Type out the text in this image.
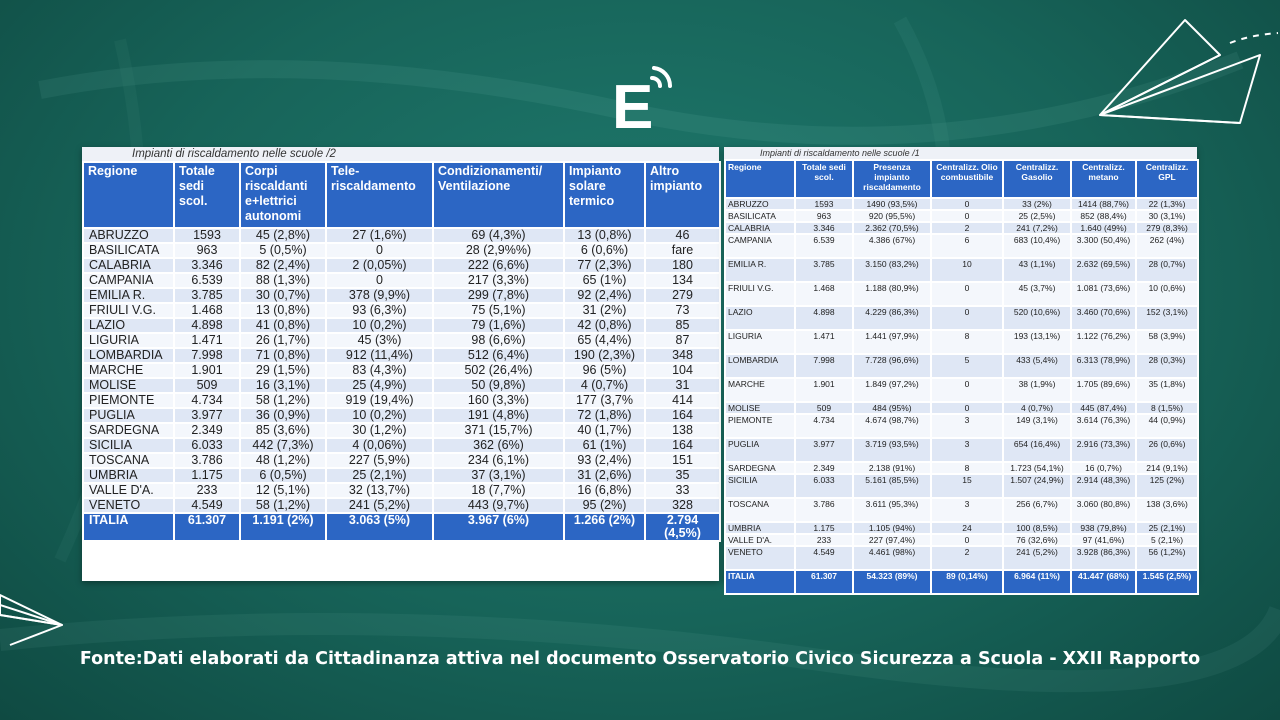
E
Impianti di riscaldamento nelle scuole /2
Regione	Totale sedi scol.	Corpi riscaldanti e+lettrici autonomi	Tele-riscaldamento	Condizionamenti/ Ventilazione	Impianto solare termico	Altro impianto
ABRUZZO	1593	45 (2,8%)	27 (1,6%)	69 (4,3%)	13 (0,8%)	46
BASILICATA	963	5 (0,5%)	0	28 (2,9%%)	6 (0,6%)	fare
CALABRIA	3.346	82 (2,4%)	2 (0,05%)	222 (6,6%)	77 (2,3%)	180
CAMPANIA	6.539	88 (1,3%)	0	217 (3,3%)	65 (1%)	134
EMILIA R.	3.785	30 (0,7%)	378 (9,9%)	299 (7,8%)	92 (2,4%)	279
FRIULI V.G.	1.468	13 (0,8%)	93 (6,3%)	75 (5,1%)	31 (2%)	73
LAZIO	4.898	41 (0,8%)	10 (0,2%)	79 (1,6%)	42 (0,8%)	85
LIGURIA	1.471	26 (1,7%)	45 (3%)	98 (6,6%)	65 (4,4%)	87
LOMBARDIA	7.998	71 (0,8%)	912 (11,4%)	512 (6,4%)	190 (2,3%)	348
MARCHE	1.901	29 (1,5%)	83 (4,3%)	502 (26,4%)	96 (5%)	104
MOLISE	509	16 (3,1%)	25 (4,9%)	50 (9,8%)	4 (0,7%)	31
PIEMONTE	4.734	58 (1,2%)	919 (19,4%)	160 (3,3%)	177 (3,7%	414
PUGLIA	3.977	36 (0,9%)	10 (0,2%)	191 (4,8%)	72 (1,8%)	164
SARDEGNA	2.349	85 (3,6%)	30 (1,2%)	371 (15,7%)	40 (1,7%)	138
SICILIA	6.033	442 (7,3%)	4 (0,06%)	362 (6%)	61 (1%)	164
TOSCANA	3.786	48 (1,2%)	227 (5,9%)	234 (6,1%)	93 (2,4%)	151
UMBRIA	1.175	6 (0,5%)	25 (2,1%)	37 (3,1%)	31 (2,6%)	35
VALLE D'A.	233	12 (5,1%)	32 (13,7%)	18 (7,7%)	16 (6,8%)	33
VENETO	4.549	58 (1,2%)	241 (5,2%)	443 (9,7%)	95 (2%)	328
ITALIA	61.307	1.191 (2%)	3.063 (5%)	3.967 (6%)	1.266 (2%)	2.794 (4,5%)
Impianti di riscaldamento nelle scuole /1
Regione	Totale sedi scol.	Presenza impianto riscaldamento	Centralizz. Olio combustibile	Centralizz. Gasolio	Centralizz. metano	Centralizz. GPL
ABRUZZO	1593	1490 (93,5%)	0	33 (2%)	1414 (88,7%)	22 (1,3%)
BASILICATA	963	920 (95,5%)	0	25 (2,5%)	852 (88,4%)	30 (3,1%)
CALABRIA	3.346	2.362 (70,5%)	2	241 (7,2%)	1.640 (49%)	279 (8,3%)
CAMPANIA	6.539	4.386 (67%)	6	683 (10,4%)	3.300 (50,4%)	262 (4%)
EMILIA R.	3.785	3.150 (83,2%)	10	43 (1,1%)	2.632 (69,5%)	28 (0,7%)
FRIULI V.G.	1.468	1.188 (80,9%)	0	45 (3,7%)	1.081 (73,6%)	10 (0,6%)
LAZIO	4.898	4.229 (86,3%)	0	520 (10,6%)	3.460 (70,6%)	152 (3,1%)
LIGURIA	1.471	1.441 (97,9%)	8	193 (13,1%)	1.122 (76,2%)	58 (3,9%)
LOMBARDIA	7.998	7.728 (96,6%)	5	433 (5,4%)	6.313 (78,9%)	28 (0,3%)
MARCHE	1.901	1.849 (97,2%)	0	38 (1,9%)	1.705 (89,6%)	35 (1,8%)
MOLISE	509	484 (95%)	0	4 (0,7%)	445 (87,4%)	8 (1,5%)
PIEMONTE	4.734	4.674 (98,7%)	3	149 (3,1%)	3.614 (76,3%)	44 (0,9%)
PUGLIA	3.977	3.719 (93,5%)	3	654 (16,4%)	2.916 (73,3%)	26 (0,6%)
SARDEGNA	2.349	2.138 (91%)	8	1.723 (54,1%)	16 (0,7%)	214 (9,1%)
SICILIA	6.033	5.161 (85,5%)	15	1.507 (24,9%)	2.914 (48,3%)	125 (2%)
TOSCANA	3.786	3.611 (95,3%)	3	256 (6,7%)	3.060 (80,8%)	138 (3,6%)
UMBRIA	1.175	1.105 (94%)	24	100 (8,5%)	938 (79,8%)	25 (2,1%)
VALLE D'A.	233	227 (97,4%)	0	76 (32,6%)	97 (41,6%)	5 (2,1%)
VENETO	4.549	4.461 (98%)	2	241 (5,2%)	3.928 (86,3%)	56 (1,2%)
ITALIA	61.307	54.323 (89%)	89 (0,14%)	6.964 (11%)	41.447 (68%)	1.545 (2,5%)
Fonte:Dati elaborati da Cittadinanza attiva nel documento Osservatorio Civico Sicurezza a Scuola - XXII Rapporto
